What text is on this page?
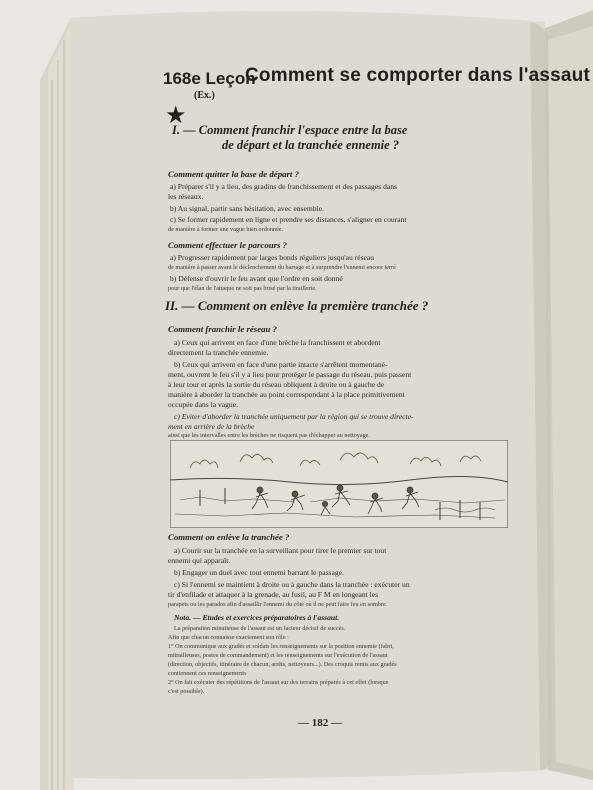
168e Leçon
Comment se comporter dans l'assaut
(Ex.)
★
I. — Comment franchir l'espace entre la base
de départ et la tranchée ennemie ?
Comment quitter la base de départ ?
a) Préparer s'il y a lieu, des gradins de franchissement et des passages dans
les réseaux.
b) Au signal, partir sans hésitation, avec ensemble.
c) Se former rapidement en ligne et prendre ses distances, s'aligner en courant
de manière à former une vague bien ordonnée.
Comment effectuer le parcours ?
a) Progresser rapidement par larges bonds réguliers jusqu'au réseau
de manière à passer avant le déclenchement du barrage et à surprendre l'ennemi encore terré
b) Défense d'ouvrir le feu avant que l'ordre en soit donné
pour que l'élan de l'attaque ne soit pas brisé par la tiraillerie.
II. — Comment on enlève la première tranchée ?
Comment franchir le réseau ?
a) Ceux qui arrivent en face d'une brèche la franchissent et abordent
directement la tranchée ennemie.
b) Ceux qui arrivent en face d'une partie intacte s'arrêtent momentané-
ment, ouvrent le feu s'il y a lieu pour protéger le passage du réseau, puis passent
à leur tour et après la sortie du réseau obliquent à droite ou à gauche de
manière à aborder la tranchée au point correspondant à la place primitivement
occupée dans la vague.
c) Eviter d'aborder la tranchée uniquement par la région qui se trouve directe-
ment en arrière de la brèche
ainsi que les intervalles entre les brèches ne risquent pas d'échapper au nettoyage.
Comment on enlève la tranchée ?
a) Courir sur la tranchée en la surveillant pour tirer le premier sur tout
ennemi qui apparaît.
b) Engager un duel avec tout ennemi barrant le passage.
c) Si l'ennemi se maintient à droite ou à gauche dans la tranchée : exécuter un
tir d'enfilade et attaquer à la grenade, au fusil, au F M en longeant les
parapets ou les parados afin d'assaillir l'ennemi du côté où il ne peut faire feu en sombre.
Nota. — Etudes et exercices préparatoires à l'assaut.
La préparation minutieuse de l'assaut est un facteur décisif de succès.
Afin que chacun connaisse exactement son rôle :
1° On communique aux gradés et soldats les renseignements sur la position ennemie (fabri,
mitrailleuses, postes de commandement) et les renseignements sur l'exécution de l'assaut
(direction, objectifs, itinéraire de chacun, arrêts, nettoyeurs...). Des croquis remis aux gradés
contiennent ces renseignements
2° On fait exécuter des répétitions de l'assaut sur des terrains préparés à cet effet (lorsque
c'est possible).
— 182 —
